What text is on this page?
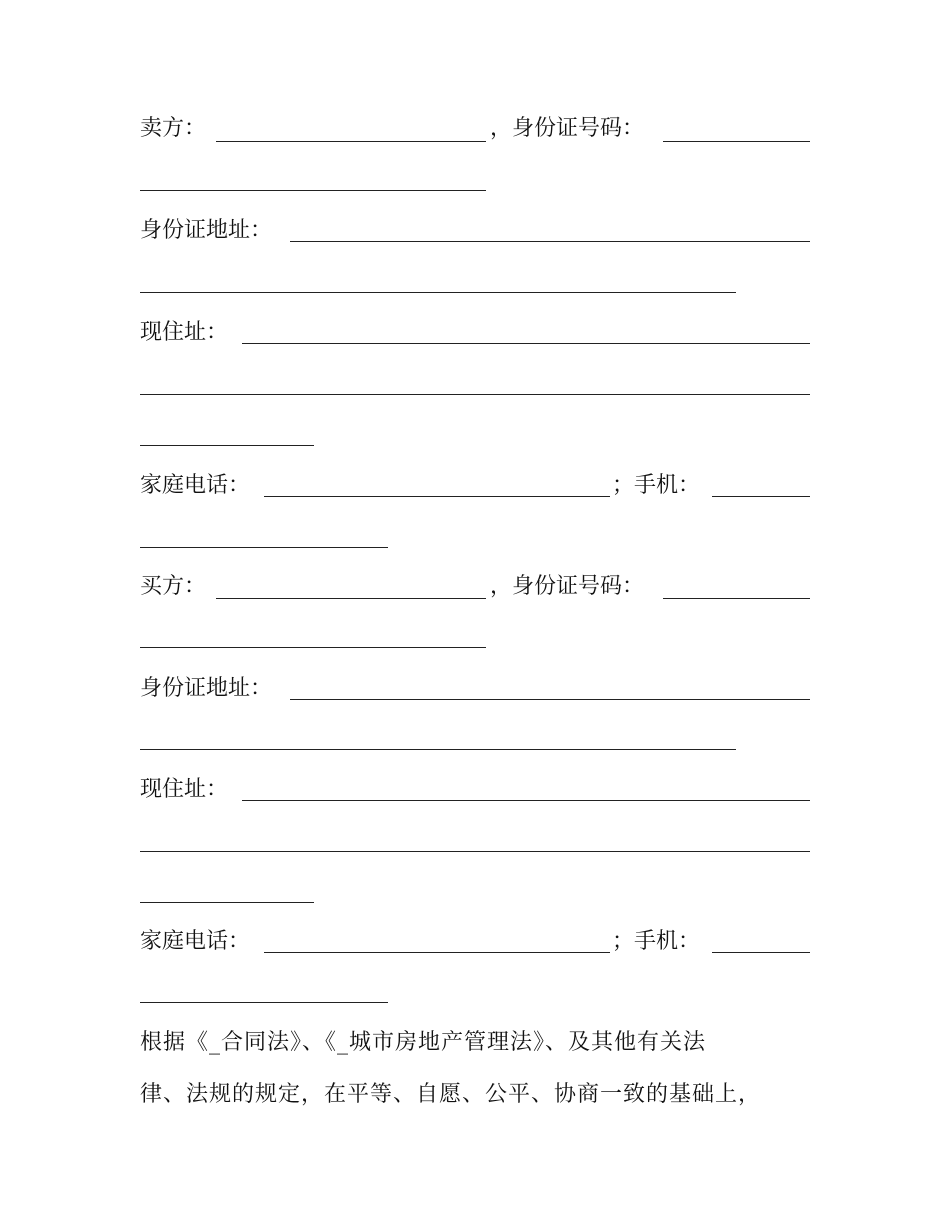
卖方：	，身份证号码：
身份证地址：
现住址：
家庭电话：	；手机：
买方：	，身份证号码：
身份证地址：
现住址：
家庭电话：	；手机：
根据《_合同法》、《_城市房地产管理法》、及其他有关法
律、法规的规定，在平等、自愿、公平、协商一致的基础上，
